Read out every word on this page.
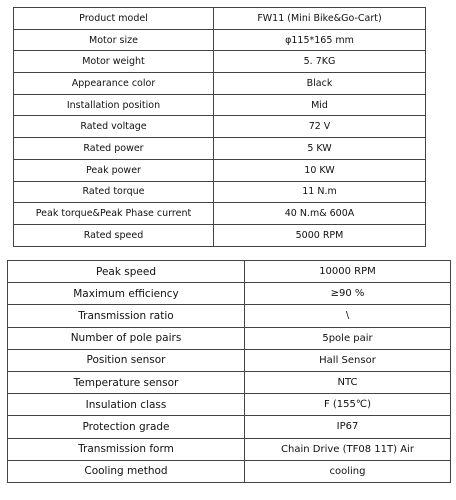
Product model	FW11 (Mini Bike&Go-Cart)
Motor size	φ115*165 mm
Motor weight	5. 7KG
Appearance color	Black
Installation position	Mid
Rated voltage	72 V
Rated power	5 KW
Peak power	10 KW
Rated torque	11 N.m
Peak torque&Peak Phase current	40 N.m& 600A
Rated speed	5000 RPM
Peak speed	10000 RPM
Maximum efficiency	≥90 %
Transmission ratio	\
Number of pole pairs	5pole pair
Position sensor	Hall Sensor
Temperature sensor	NTC
Insulation class	F (155℃)
Protection grade	IP67
Transmission form	Chain Drive (TF08 11T) Air
Cooling method	cooling
